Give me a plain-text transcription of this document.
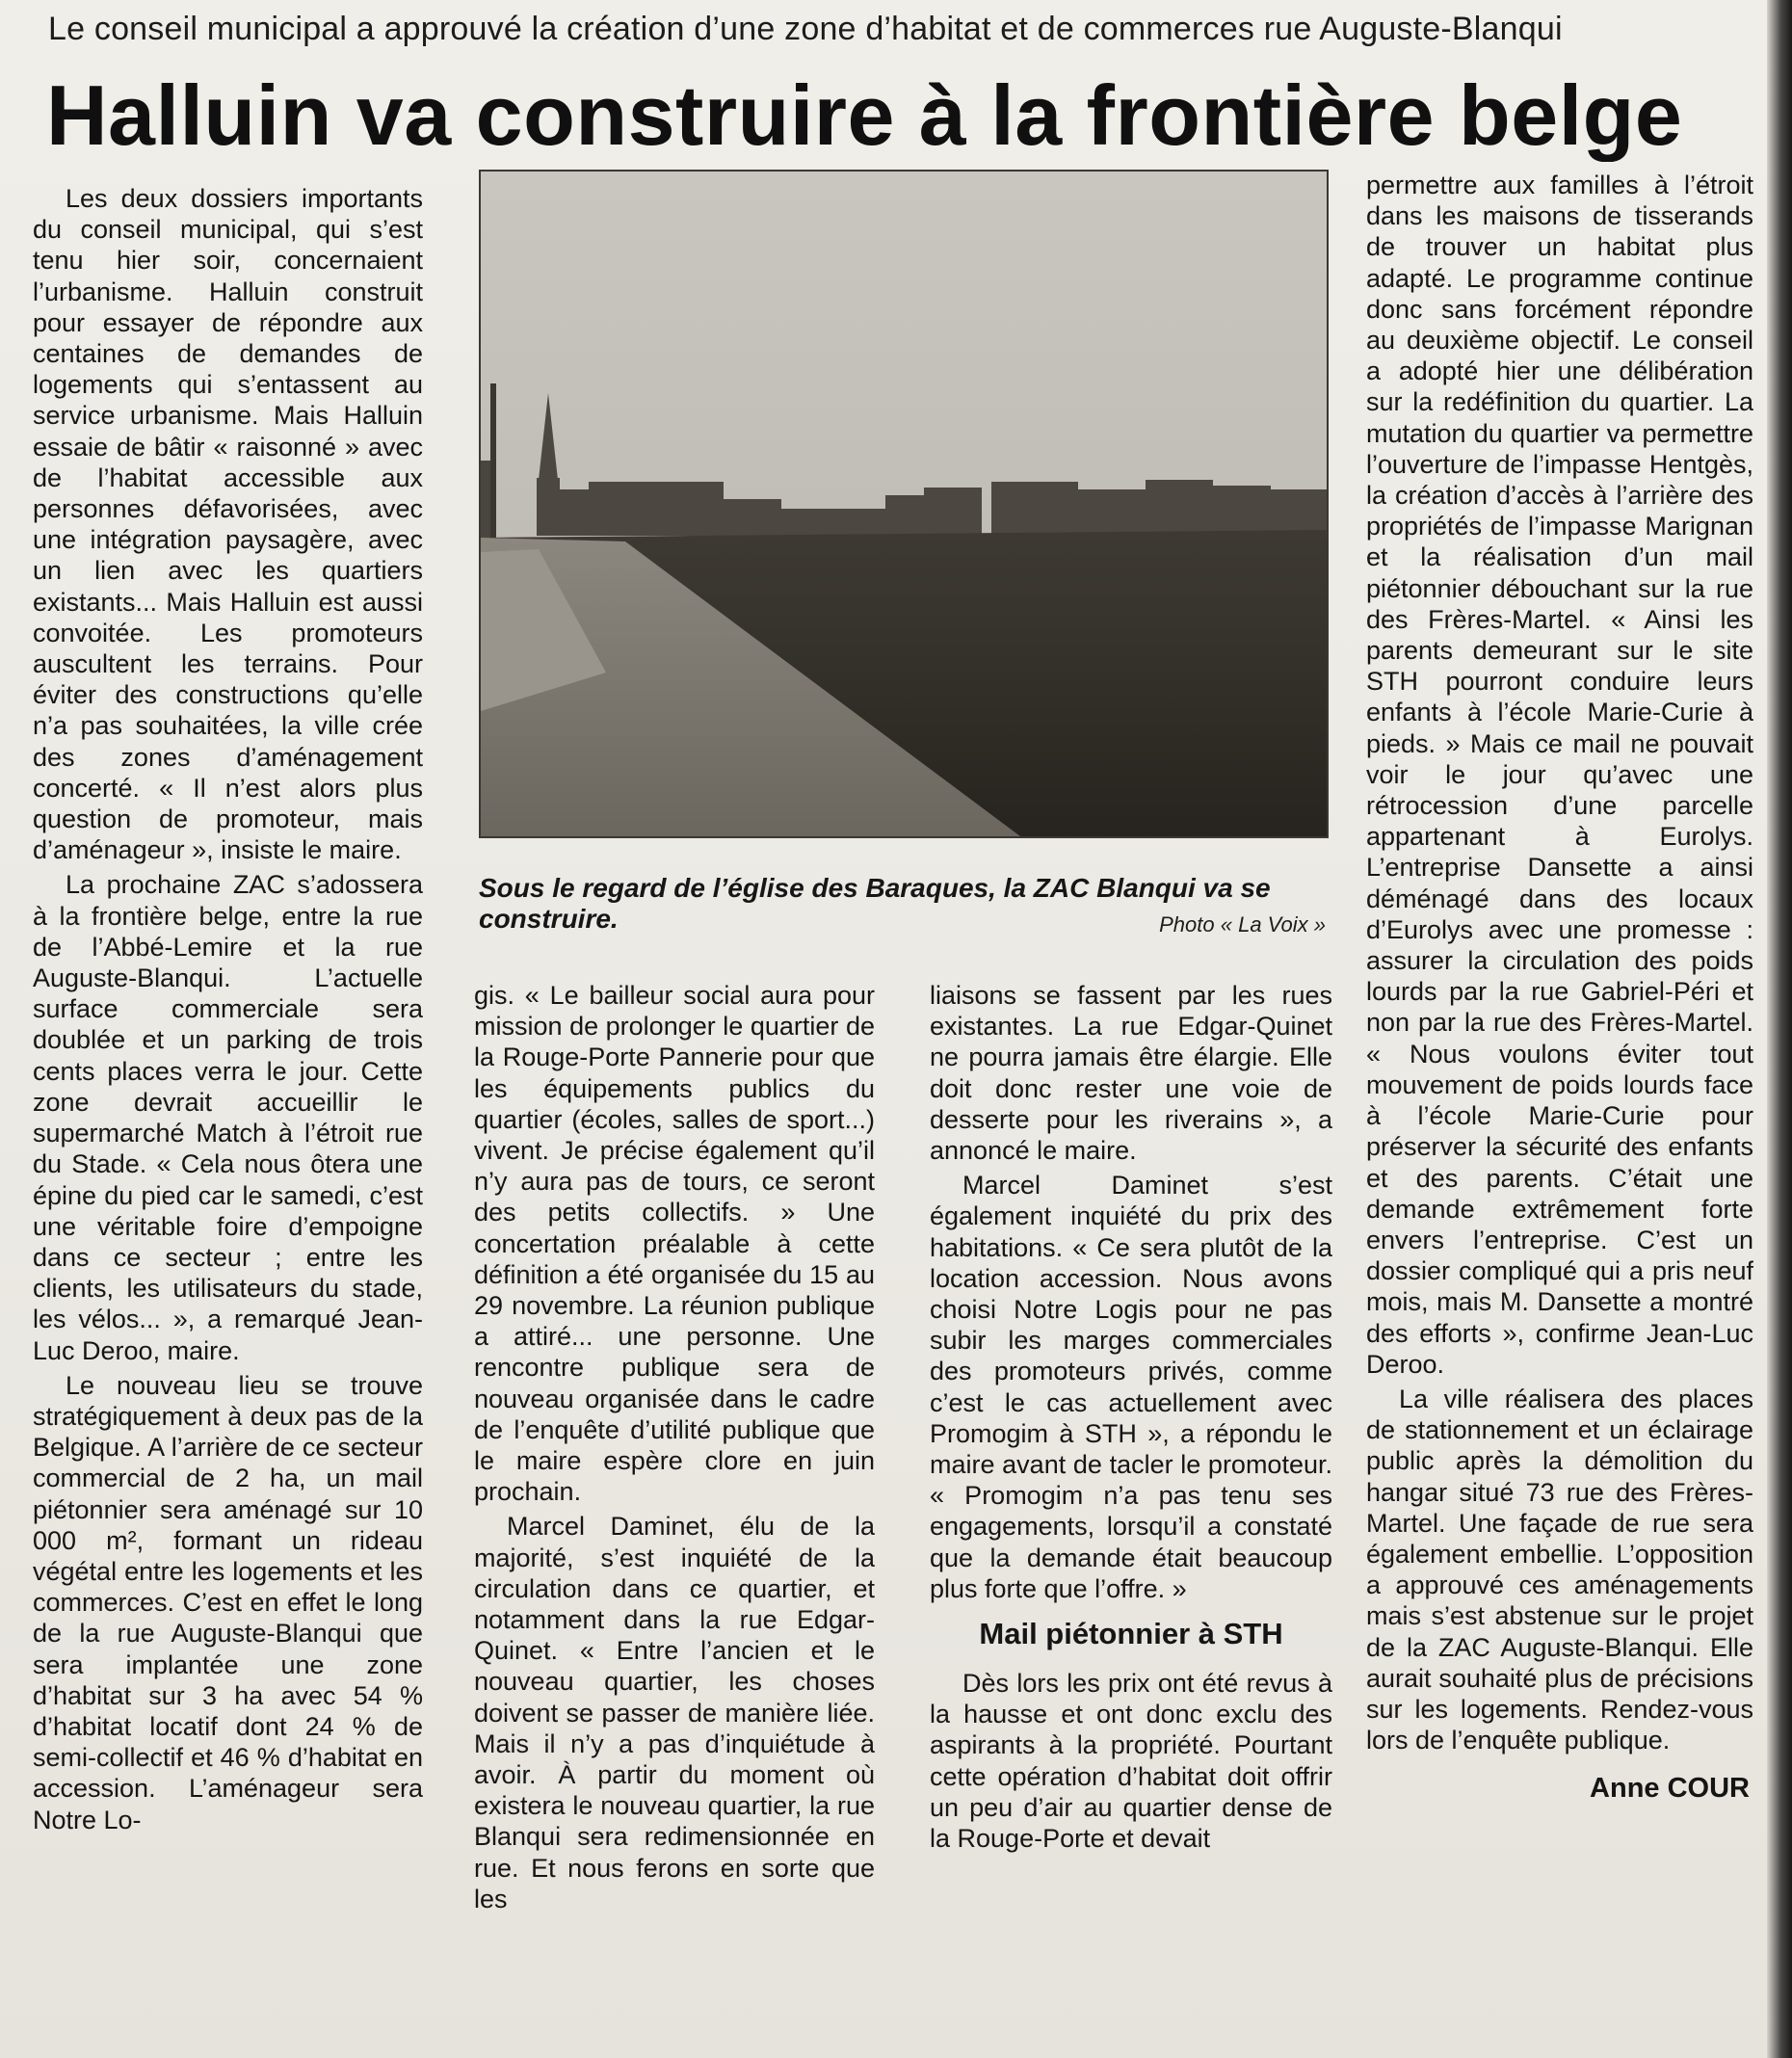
Le conseil municipal a approuvé la création d’une zone d’habitat et de commerces rue Auguste-Blanqui
Halluin va construire à la frontière belge

Les deux dossiers importants du conseil municipal, qui s’est tenu hier soir, concernaient l’urbanisme. Halluin construit pour essayer de répondre aux centaines de demandes de logements qui s’entassent au service urbanisme. Mais Halluin essaie de bâtir « raisonné » avec de l’habitat accessible aux personnes défavorisées, avec une intégration paysagère, avec un lien avec les quartiers existants... Mais Halluin est aussi convoitée. Les promoteurs auscultent les terrains. Pour éviter des constructions qu’elle n’a pas souhaitées, la ville crée des zones d’aménagement concerté. « Il n’est alors plus question de promoteur, mais d’aménageur », insiste le maire.

La prochaine ZAC s’adossera à la frontière belge, entre la rue de l’Abbé-Lemire et la rue Auguste-Blanqui. L’actuelle surface commerciale sera doublée et un parking de trois cents places verra le jour. Cette zone devrait accueillir le supermarché Match à l’étroit rue du Stade. « Cela nous ôtera une épine du pied car le samedi, c’est une véritable foire d’empoigne dans ce secteur ; entre les clients, les utilisateurs du stade, les vélos... », a remarqué Jean-Luc Deroo, maire.

Le nouveau lieu se trouve stratégiquement à deux pas de la Belgique. A l’arrière de ce secteur commercial de 2 ha, un mail piétonnier sera aménagé sur 10 000 m², formant un rideau végétal entre les logements et les commerces. C’est en effet le long de la rue Auguste-Blanqui que sera implantée une zone d’habitat sur 3 ha avec 54 % d’habitat locatif dont 24 % de semi-collectif et 46 % d’habitat en accession. L’aménageur sera Notre Lo-

Sous le regard de l’église des Baraques, la ZAC Blanqui va se construire.	Photo « La Voix »

gis. « Le bailleur social aura pour mission de prolonger le quartier de la Rouge-Porte Pannerie pour que les équipements publics du quartier (écoles, salles de sport...) vivent. Je précise également qu’il n’y aura pas de tours, ce seront des petits collectifs. » Une concertation préalable à cette définition a été organisée du 15 au 29 novembre. La réunion publique a attiré... une personne. Une rencontre publique sera de nouveau organisée dans le cadre de l’enquête d’utilité publique que le maire espère clore en juin prochain.

Marcel Daminet, élu de la majorité, s’est inquiété de la circulation dans ce quartier, et notamment dans la rue Edgar-Quinet. « Entre l’ancien et le nouveau quartier, les choses doivent se passer de manière liée. Mais il n’y a pas d’inquiétude à avoir. À partir du moment où existera le nouveau quartier, la rue Blanqui sera redimensionnée en rue. Et nous ferons en sorte que les

liaisons se fassent par les rues existantes. La rue Edgar-Quinet ne pourra jamais être élargie. Elle doit donc rester une voie de desserte pour les riverains », a annoncé le maire.

Marcel Daminet s’est également inquiété du prix des habitations. « Ce sera plutôt de la location accession. Nous avons choisi Notre Logis pour ne pas subir les marges commerciales des promoteurs privés, comme c’est le cas actuellement avec Promogim à STH », a répondu le maire avant de tacler le promoteur. « Promogim n’a pas tenu ses engagements, lorsqu’il a constaté que la demande était beaucoup plus forte que l’offre. »

Mail piétonnier à STH

Dès lors les prix ont été revus à la hausse et ont donc exclu des aspirants à la propriété. Pourtant cette opération d’habitat doit offrir un peu d’air au quartier dense de la Rouge-Porte et devait

permettre aux familles à l’étroit dans les maisons de tisserands de trouver un habitat plus adapté. Le programme continue donc sans forcément répondre au deuxième objectif. Le conseil a adopté hier une délibération sur la redéfinition du quartier. La mutation du quartier va permettre l’ouverture de l’impasse Hentgès, la création d’accès à l’arrière des propriétés de l’impasse Marignan et la réalisation d’un mail piétonnier débouchant sur la rue des Frères-Martel. « Ainsi les parents demeurant sur le site STH pourront conduire leurs enfants à l’école Marie-Curie à pieds. » Mais ce mail ne pouvait voir le jour qu’avec une rétrocession d’une parcelle appartenant à Eurolys. L’entreprise Dansette a ainsi déménagé dans des locaux d’Eurolys avec une promesse : assurer la circulation des poids lourds par la rue Gabriel-Péri et non par la rue des Frères-Martel. « Nous voulons éviter tout mouvement de poids lourds face à l’école Marie-Curie pour préserver la sécurité des enfants et des parents. C’était une demande extrêmement forte envers l’entreprise. C’est un dossier compliqué qui a pris neuf mois, mais M. Dansette a montré des efforts », confirme Jean-Luc Deroo.

La ville réalisera des places de stationnement et un éclairage public après la démolition du hangar situé 73 rue des Frères-Martel. Une façade de rue sera également embellie. L’opposition a approuvé ces aménagements mais s’est abstenue sur le projet de la ZAC Auguste-Blanqui. Elle aurait souhaité plus de précisions sur les logements. Rendez-vous lors de l’enquête publique.

Anne COUR
